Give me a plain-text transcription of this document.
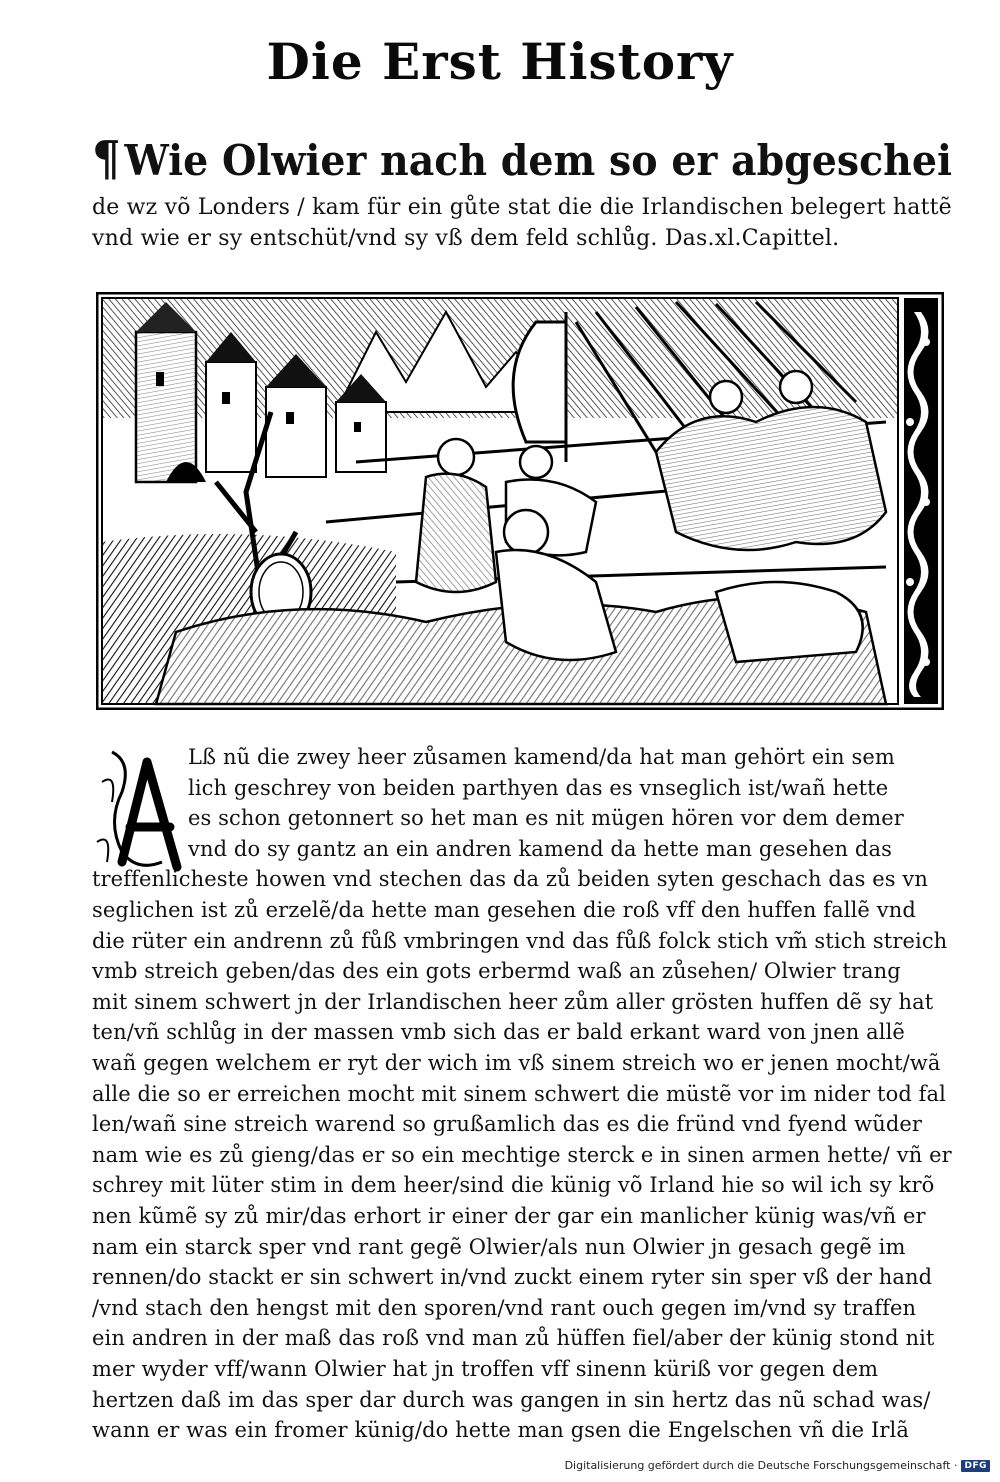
Die Erst History
¶Wie Olwier nach dem so er abgeschei
de wz võ Londers / kam für ein gůte stat die die Irlandischen belegert hattẽ
vnd wie er sy entschüt/vnd sy vß dem feld schlůg. Das.xl.Capittel.
A
Lß nũ die zwey heer zůsamen kamend/da hat man gehört ein sem
lich geschrey von beiden parthyen das es vnseglich ist/wañ hette
es schon getonnert so het man es nit mügen hören vor dem demer
vnd do sy gantz an ein andren kamend da hette man gesehen das
treffenlicheste howen vnd stechen das da zů beiden syten geschach das es vn
seglichen ist zů erzelẽ/da hette man gesehen die roß vff den huffen fallẽ vnd
die rüter ein andrenn zů fůß vmbringen vnd das fůß folck stich vm̃ stich streich
vmb streich geben/das des ein gots erbermd waß an zůsehen/ Olwier trang
mit sinem schwert jn der Irlandischen heer zům aller grösten huffen dẽ sy hat
ten/vñ schlůg in der massen vmb sich das er bald erkant ward von jnen allẽ
wañ gegen welchem er ryt der wich im vß sinem streich wo er jenen mocht/wã
alle die so er erreichen mocht mit sinem schwert die müstẽ vor im nider tod fal
len/wañ sine streich warend so grußamlich das es die fründ vnd fyend wũder
nam wie es zů gieng/das er so ein mechtige sterck e in sinen armen hette/ vñ er
schrey mit lüter stim in dem heer/sind die künig võ Irland hie so wil ich sy krõ
nen kũmẽ sy zů mir/das erhort ir einer der gar ein manlicher künig was/vñ er
nam ein starck sper vnd rant gegẽ Olwier/als nun Olwier jn gesach gegẽ im
rennen/do stackt er sin schwert in/vnd zuckt einem ryter sin sper vß der hand
/vnd stach den hengst mit den sporen/vnd rant ouch gegen im/vnd sy traffen
ein andren in der maß das roß vnd man zů hüffen fiel/aber der künig stond nit
mer wyder vff/wann Olwier hat jn troffen vff sinenn küriß vor gegen dem
hertzen daß im das sper dar durch was gangen in sin hertz das nũ schad was/
wann er was ein fromer künig/do hette man gsen die Engelschen vñ die Irlã
Digitalisierung gefördert durch die Deutsche Forschungsgemeinschaft · DFG
